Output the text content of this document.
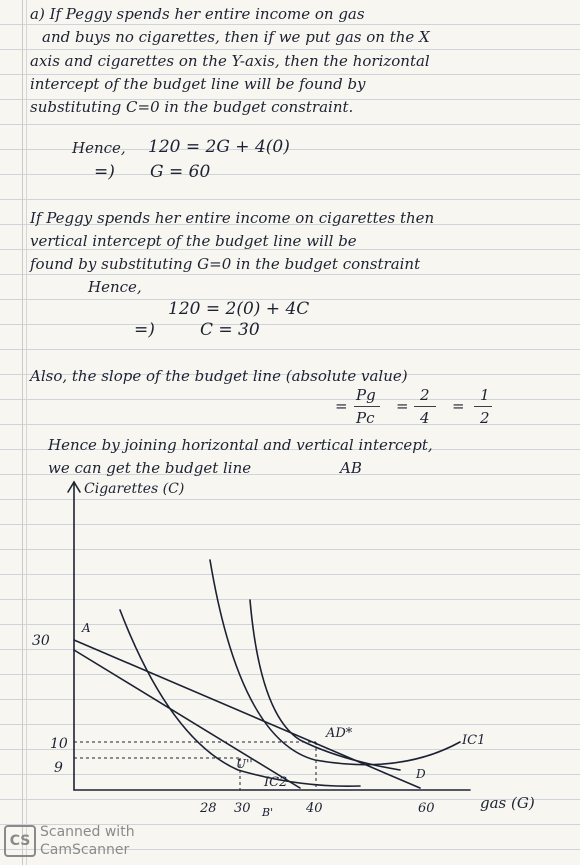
a) If Peggy spends her entire income on gas
and buys no cigarettes, then if we put gas on the X
axis and cigarettes on the Y-axis, then the horizontal
intercept of the budget line will be found by
substituting C=0 in the budget constraint.
Hence, 120 = 2G + 4(0)
=) G = 60
If Peggy spends her entire income on cigarettes then
vertical intercept of the budget line will be
found by substituting G=0 in the budget constraint
Hence,
120 = 2(0) + 4C
=)	C = 30
Also, the slope of the budget line (absolute value)
=
Pg
Pc
=
2
4
=
1
2
Hence by joining horizontal and vertical intercept,
we can get the budget line	AB
Cigarettes (C)
gas (G)
30
10
9
28 30	40	60
A
B'
AD*
U''
D
IC1
IC2
CS
Scanned with
CamScanner
